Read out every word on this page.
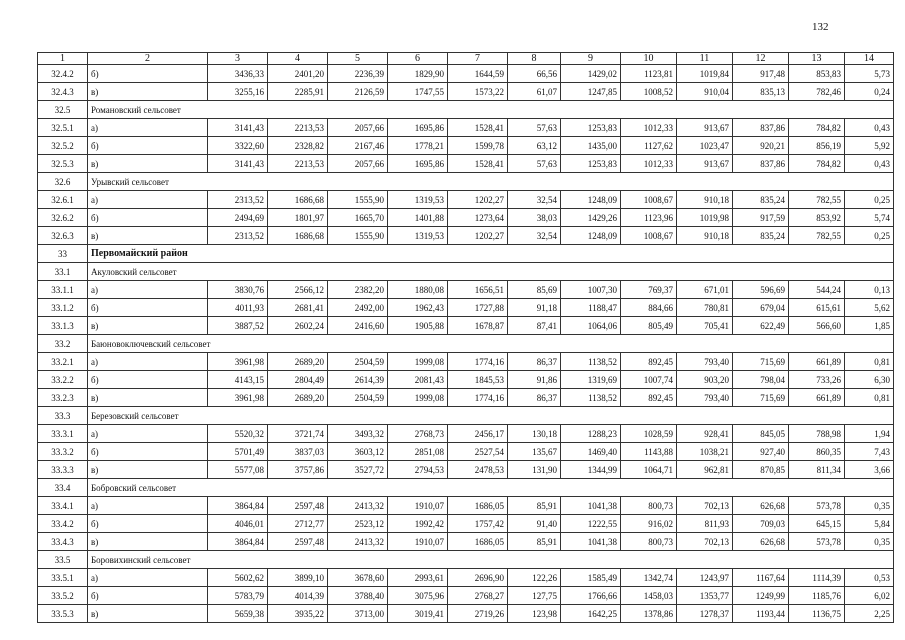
132
1	2	3	4	5	6	7	8	9	10	11	12	13	14
32.4.2	б)	3436,33	2401,20	2236,39	1829,90	1644,59	66,56	1429,02	1123,81	1019,84	917,48	853,83	5,73
32.4.3	в)	3255,16	2285,91	2126,59	1747,55	1573,22	61,07	1247,85	1008,52	910,04	835,13	782,46	0,24
32.5	Романовский сельсовет												
32.5.1	а)	3141,43	2213,53	2057,66	1695,86	1528,41	57,63	1253,83	1012,33	913,67	837,86	784,82	0,43
32.5.2	б)	3322,60	2328,82	2167,46	1778,21	1599,78	63,12	1435,00	1127,62	1023,47	920,21	856,19	5,92
32.5.3	в)	3141,43	2213,53	2057,66	1695,86	1528,41	57,63	1253,83	1012,33	913,67	837,86	784,82	0,43
32.6	Урывский сельсовет												
32.6.1	а)	2313,52	1686,68	1555,90	1319,53	1202,27	32,54	1248,09	1008,67	910,18	835,24	782,55	0,25
32.6.2	б)	2494,69	1801,97	1665,70	1401,88	1273,64	38,03	1429,26	1123,96	1019,98	917,59	853,92	5,74
32.6.3	в)	2313,52	1686,68	1555,90	1319,53	1202,27	32,54	1248,09	1008,67	910,18	835,24	782,55	0,25
33	Первомайский район												
33.1	Акуловский сельсовет												
33.1.1	а)	3830,76	2566,12	2382,20	1880,08	1656,51	85,69	1007,30	769,37	671,01	596,69	544,24	0,13
33.1.2	б)	4011,93	2681,41	2492,00	1962,43	1727,88	91,18	1188,47	884,66	780,81	679,04	615,61	5,62
33.1.3	в)	3887,52	2602,24	2416,60	1905,88	1678,87	87,41	1064,06	805,49	705,41	622,49	566,60	1,85
33.2	Баюновоключевский сельсовет												
33.2.1	а)	3961,98	2689,20	2504,59	1999,08	1774,16	86,37	1138,52	892,45	793,40	715,69	661,89	0,81
33.2.2	б)	4143,15	2804,49	2614,39	2081,43	1845,53	91,86	1319,69	1007,74	903,20	798,04	733,26	6,30
33.2.3	в)	3961,98	2689,20	2504,59	1999,08	1774,16	86,37	1138,52	892,45	793,40	715,69	661,89	0,81
33.3	Березовский сельсовет												
33.3.1	а)	5520,32	3721,74	3493,32	2768,73	2456,17	130,18	1288,23	1028,59	928,41	845,05	788,98	1,94
33.3.2	б)	5701,49	3837,03	3603,12	2851,08	2527,54	135,67	1469,40	1143,88	1038,21	927,40	860,35	7,43
33.3.3	в)	5577,08	3757,86	3527,72	2794,53	2478,53	131,90	1344,99	1064,71	962,81	870,85	811,34	3,66
33.4	Бобровский сельсовет												
33.4.1	а)	3864,84	2597,48	2413,32	1910,07	1686,05	85,91	1041,38	800,73	702,13	626,68	573,78	0,35
33.4.2	б)	4046,01	2712,77	2523,12	1992,42	1757,42	91,40	1222,55	916,02	811,93	709,03	645,15	5,84
33.4.3	в)	3864,84	2597,48	2413,32	1910,07	1686,05	85,91	1041,38	800,73	702,13	626,68	573,78	0,35
33.5	Боровихинский сельсовет												
33.5.1	а)	5602,62	3899,10	3678,60	2993,61	2696,90	122,26	1585,49	1342,74	1243,97	1167,64	1114,39	0,53
33.5.2	б)	5783,79	4014,39	3788,40	3075,96	2768,27	127,75	1766,66	1458,03	1353,77	1249,99	1185,76	6,02
33.5.3	в)	5659,38	3935,22	3713,00	3019,41	2719,26	123,98	1642,25	1378,86	1278,37	1193,44	1136,75	2,25
